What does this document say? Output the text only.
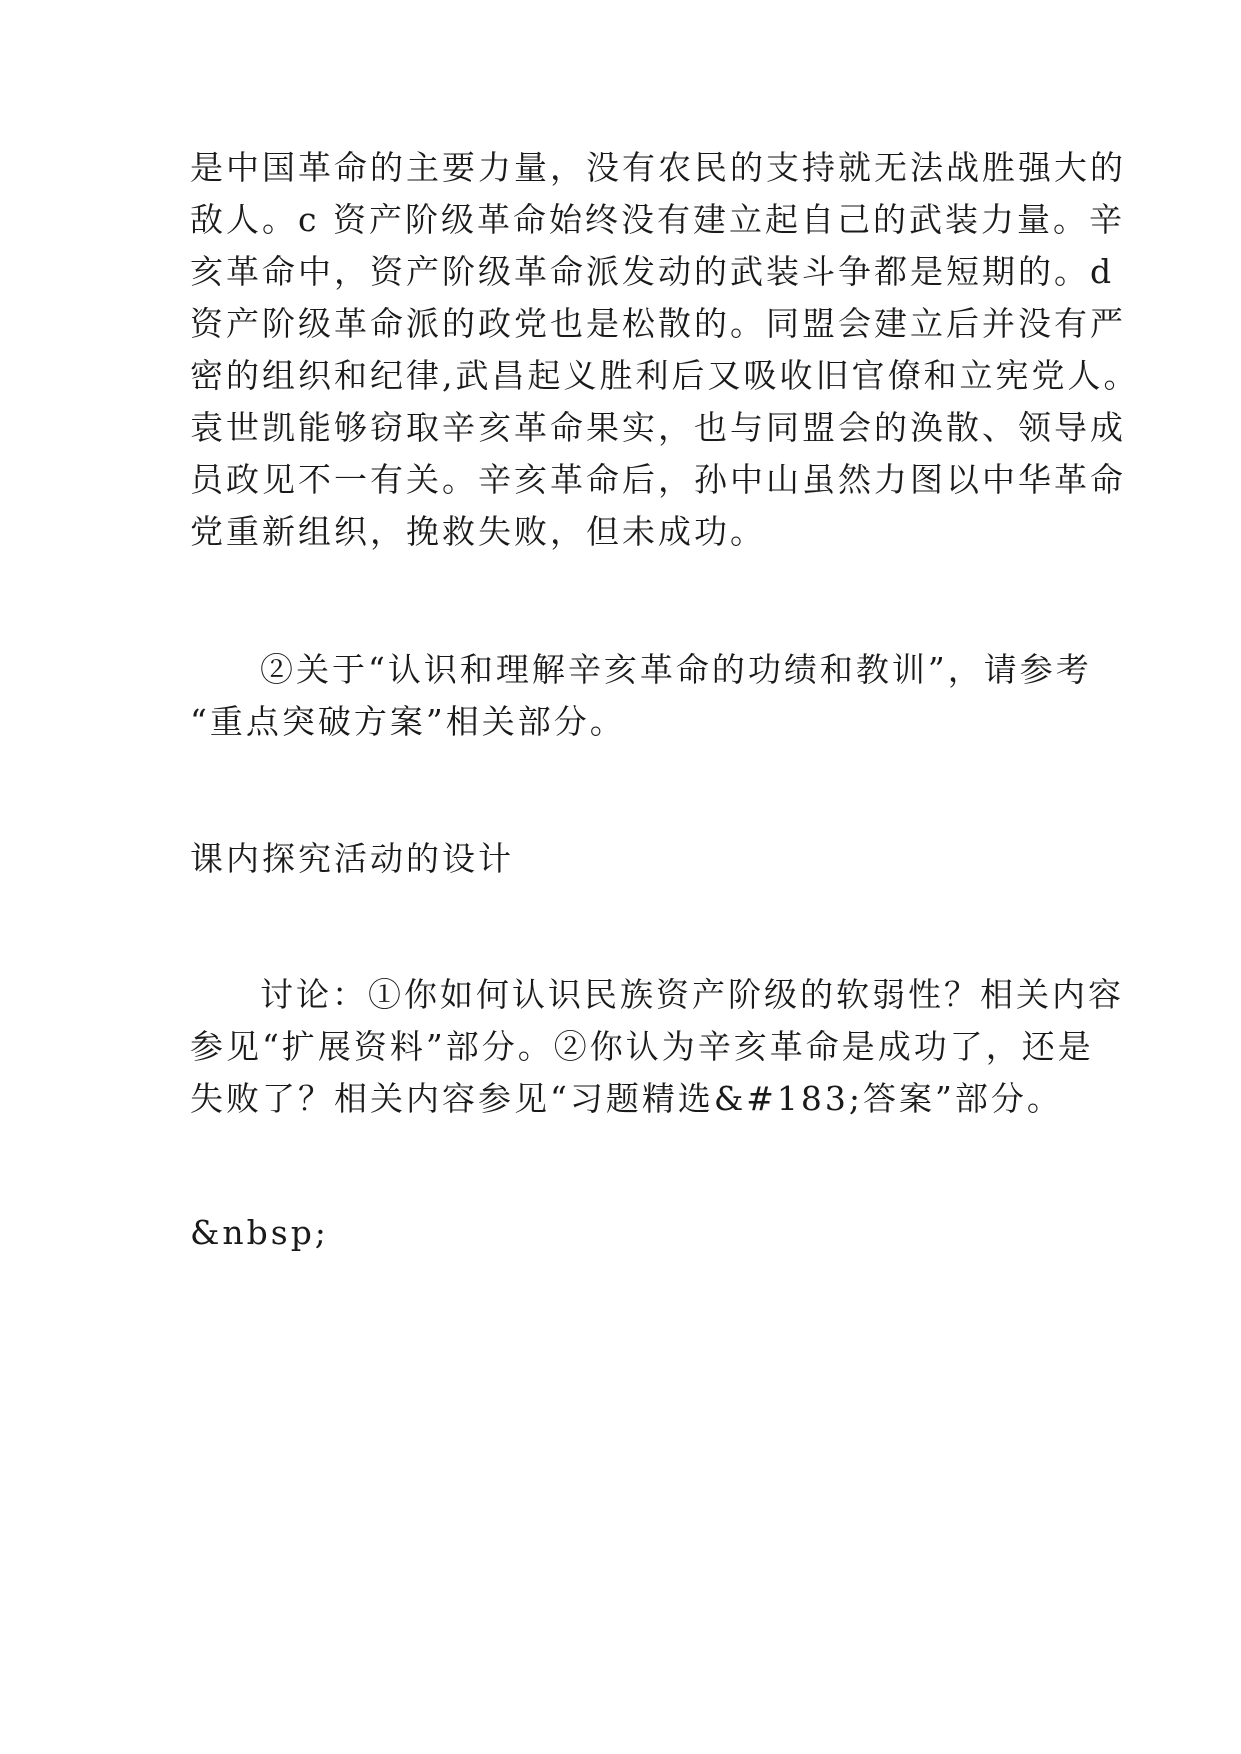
是中国革命的主要力量，没有农民的支持就无法战胜强大的
敌人。c 资产阶级革命始终没有建立起自己的武装力量。辛
亥革命中，资产阶级革命派发动的武装斗争都是短期的。d
资产阶级革命派的政党也是松散的。同盟会建立后并没有严
密的组织和纪律,武昌起义胜利后又吸收旧官僚和立宪党人。
袁世凯能够窃取辛亥革命果实，也与同盟会的涣散、领导成
员政见不一有关。辛亥革命后，孙中山虽然力图以中华革命
党重新组织，挽救失败，但未成功。
②关于“认识和理解辛亥革命的功绩和教训”，请参考
“重点突破方案”相关部分。
课内探究活动的设计
讨论：①你如何认识民族资产阶级的软弱性？相关内容
参见“扩展资料”部分。②你认为辛亥革命是成功了，还是
失败了？相关内容参见“习题精选&#183;答案”部分。
&nbsp;
